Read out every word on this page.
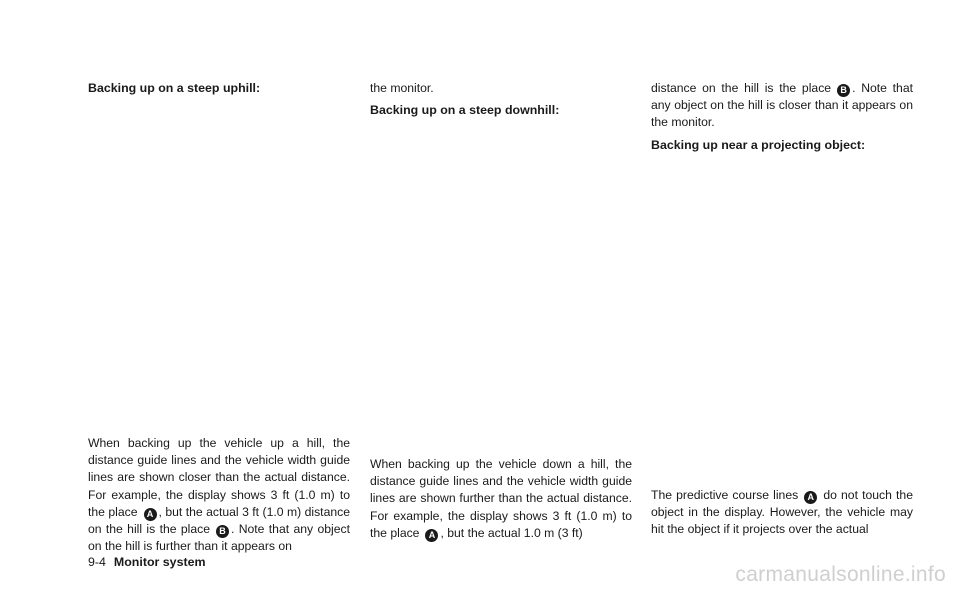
Backing up on a steep uphill:
When backing up the vehicle up a hill, the distance guide lines and the vehicle width guide lines are shown closer than the actual distance. For example, the display shows 3 ft (1.0 m) to the place A , but the actual 3 ft (1.0 m) distance on the hill is the place B . Note that any object on the hill is further than it appears on
the monitor.
Backing up on a steep downhill:
When backing up the vehicle down a hill, the distance guide lines and the vehicle width guide lines are shown further than the actual distance. For example, the display shows 3 ft (1.0 m) to the place A , but the actual 1.0 m (3 ft)
distance on the hill is the place B . Note that any object on the hill is closer than it appears on the monitor.
Backing up near a projecting object:
The predictive course lines A do not touch the object in the display. However, the vehicle may hit the object if it projects over the actual
9-4 Monitor system
carmanualsonline.info
